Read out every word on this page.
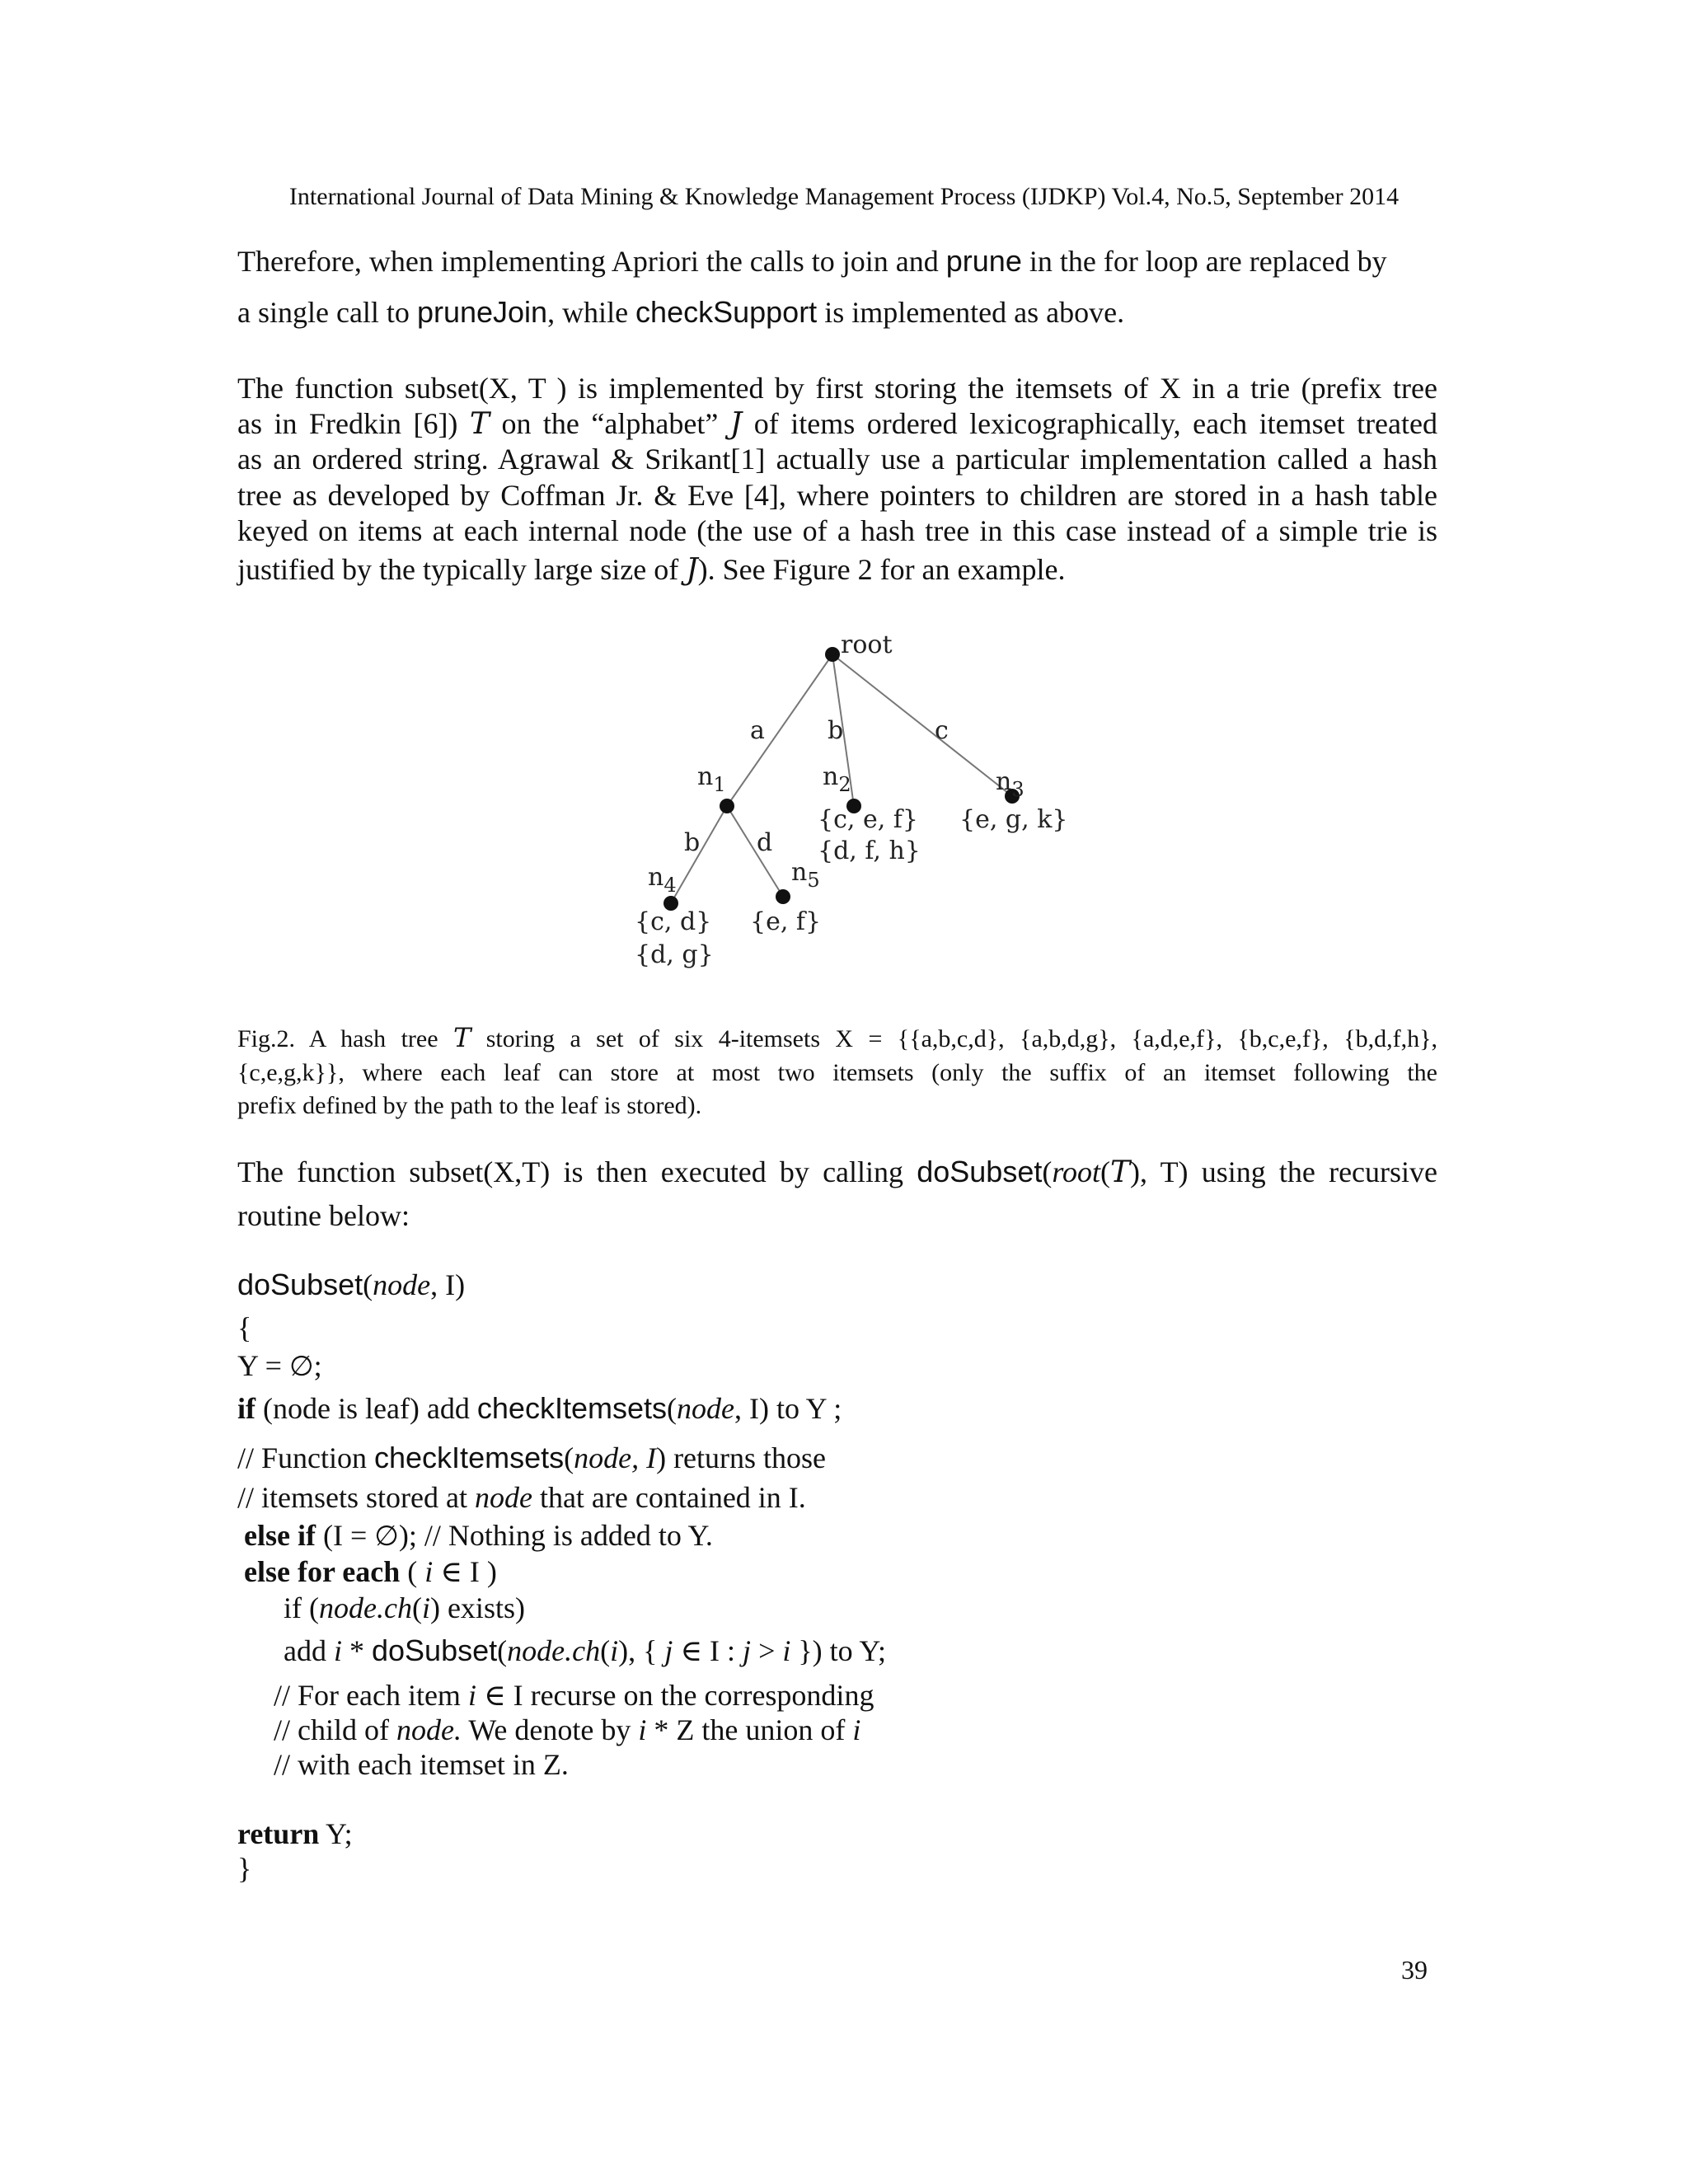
International Journal of Data Mining & Knowledge Management Process (IJDKP) Vol.4, No.5, September 2014
Therefore, when implementing Apriori the calls to join and prune in the for loop are replaced by
a single call to pruneJoin, while checkSupport is implemented as above.
The function subset(X, T ) is implemented by first storing the itemsets of X in a trie (prefix tree
as in Fredkin [6]) T on the “alphabet” J of items ordered lexicographically, each itemset treated
as an ordered string. Agrawal & Srikant[1] actually use a particular implementation called a hash
tree as developed by Coffman Jr. & Eve [4], where pointers to children are stored in a hash table
keyed on items at each internal node (the use of a hash tree in this case instead of a simple trie is
justified by the typically large size of J). See Figure 2 for an example.
root
a	b	c
b d
$n_1$	$n_2$	$n_3$
$n_4$	$n_5$
{c, e, f}
{d, f, h}
{e, g, k}
{c, d}
{d, g}
{e, f}
Fig.2. A hash tree T storing a set of six 4-itemsets X = {{a,b,c,d}, {a,b,d,g}, {a,d,e,f}, {b,c,e,f}, {b,d,f,h},
{c,e,g,k}}, where each leaf can store at most two itemsets (only the suffix of an itemset following the
prefix defined by the path to the leaf is stored).
The function subset(X,T) is then executed by calling doSubset(root(T), T) using the recursive
routine below:
doSubset(node, I)
{
Y = ∅;
if (node is leaf) add checkItemsets(node, I) to Y ;
// Function checkItemsets(node, I) returns those
// itemsets stored at node that are contained in I.
else if (I = ∅); // Nothing is added to Y.
else for each ( i ∈ I )
if (node.ch(i) exists)
add i * doSubset(node.ch(i), { j ∈ I : j > i }) to Y;
// For each item i ∈ I recurse on the corresponding
// child of node. We denote by i * Z the union of i
// with each itemset in Z.
return Y;
}
39
